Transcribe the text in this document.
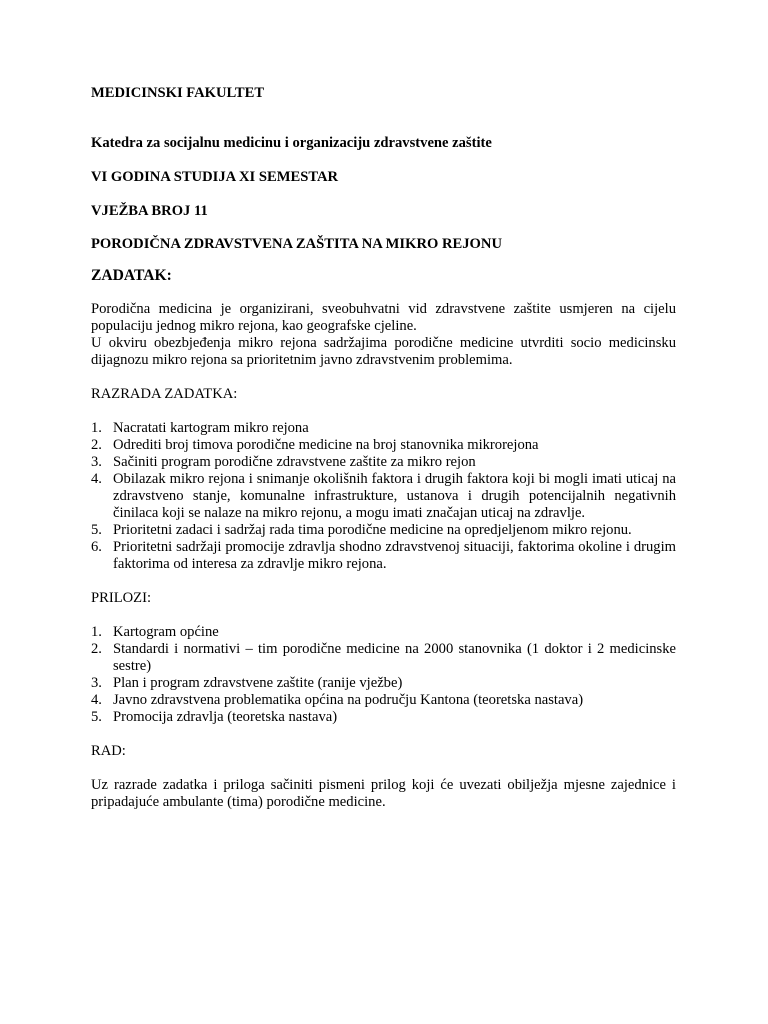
MEDICINSKI FAKULTET
Katedra za socijalnu medicinu i organizaciju zdravstvene zaštite
VI GODINA STUDIJA XI SEMESTAR
VJEŽBA BROJ 11
PORODIČNA ZDRAVSTVENA ZAŠTITA NA MIKRO REJONU
ZADATAK:

Porodična medicina je organizirani, sveobuhvatni vid zdravstvene zaštite usmjeren na cijelu populaciju jednog mikro rejona, kao geografske cjeline.

U okviru obezbjeđenja mikro rejona sadržajima porodične medicine utvrditi socio medicinsku dijagnozu mikro rejona sa prioritetnim javno zdravstvenim problemima.

RAZRADA ZADATKA:
1. Nacratati kartogram mikro rejona
2. Odrediti broj timova porodične medicine na broj stanovnika mikrorejona
3. Sačiniti program porodične zdravstvene zaštite za mikro rejon
4. Obilazak mikro rejona i snimanje okolišnih faktora i drugih faktora koji bi mogli imati uticaj na zdravstveno stanje, komunalne infrastrukture, ustanova i drugih potencijalnih negativnih činilaca koji se nalaze na mikro rejonu, a mogu imati značajan uticaj na zdravlje.
5. Prioritetni zadaci i sadržaj rada tima porodične medicine na opredjeljenom mikro rejonu.
6. Prioritetni sadržaji promocije zdravlja shodno zdravstvenoj situaciji, faktorima okoline i drugim faktorima od interesa za zdravlje mikro rejona.
PRILOZI:
1. Kartogram općine
2. Standardi i normativi – tim porodične medicine na 2000 stanovnika (1 doktor i 2 medicinske sestre)
3. Plan i program zdravstvene zaštite (ranije vježbe)
4. Javno zdravstvena problematika općina na području Kantona (teoretska nastava)
5. Promocija zdravlja (teoretska nastava)
RAD:

Uz razrade zadatka i priloga sačiniti pismeni prilog koji će uvezati obilježja mjesne zajednice i pripadajuće ambulante (tima) porodične medicine.
